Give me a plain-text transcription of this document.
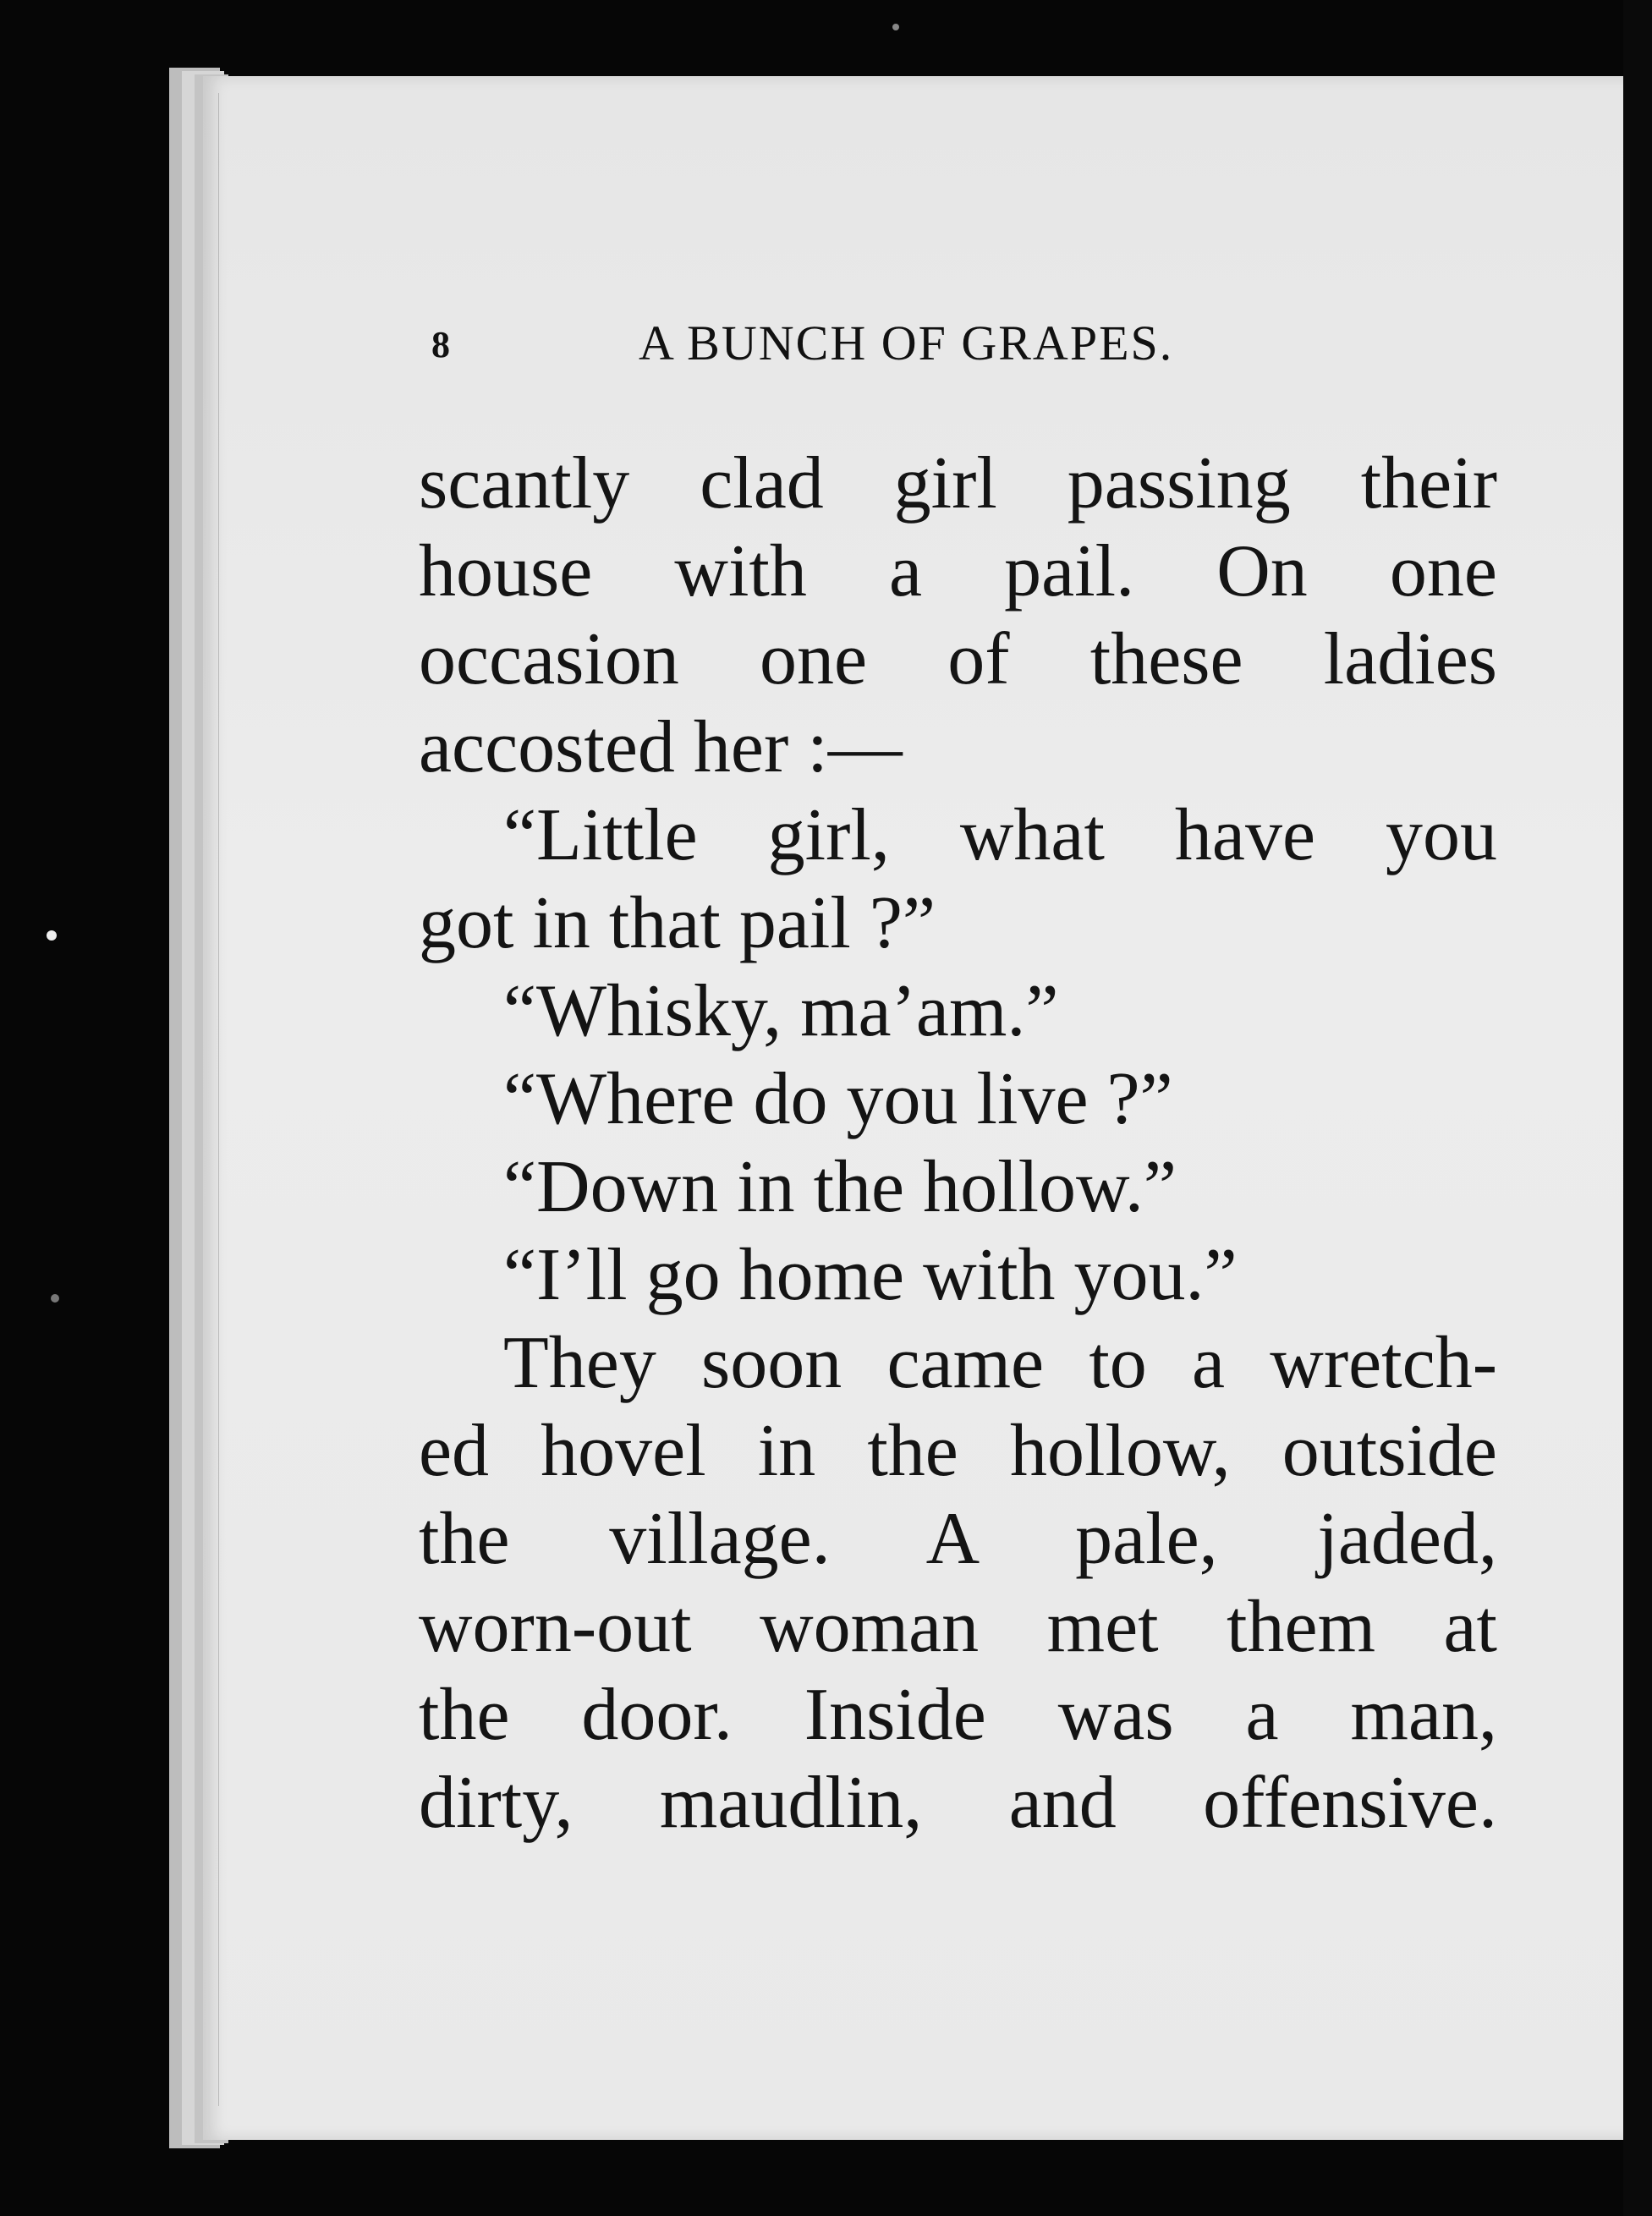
8	A BUNCH OF GRAPES.
scantly clad girl passing their
house with a pail. On one
occasion one of these ladies
accosted her :—
“Little girl, what have you
got in that pail ?”
“Whisky, ma’am.”
“Where do you live ?”
“Down in the hollow.”
“I’ll go home with you.”
They soon came to a wretch-
ed hovel in the hollow, outside
the village. A pale, jaded,
worn-out woman met them at
the door. Inside was a man,
dirty, maudlin, and offensive.
